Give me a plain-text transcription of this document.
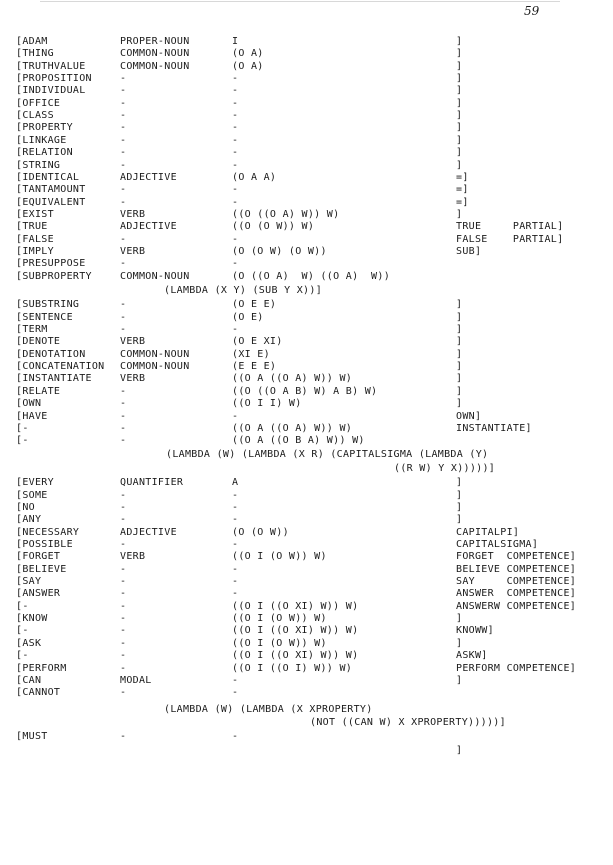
59
[ADAM	PROPER-NOUN	I	]
[THING	COMMON-NOUN	(O A)	]
[TRUTHVALUE	COMMON-NOUN	(O A)	]
[PROPOSITION	-	-	]
[INDIVIDUAL	-	-	]
[OFFICE	-	-	]
[CLASS	-	-	]
[PROPERTY	-	-	]
[LINKAGE	-	-	]
[RELATION	-	-	]
[STRING	-	-	]
[IDENTICAL	ADJECTIVE	(O A A)	=]
[TANTAMOUNT	-	-	=]
[EQUIVALENT	-	-	=]
[EXIST	VERB	((O ((O A) W)) W)	]
[TRUE	ADJECTIVE	((O (O W)) W)	TRUE     PARTIAL]
[FALSE	-	-	FALSE    PARTIAL]
[IMPLY	VERB	(O (O W) (O W))	SUB]
[PRESUPPOSE	-	-
[SUBPROPERTY	COMMON-NOUN	(O ((O A)  W) ((O A)  W))
(LAMBDA (X Y) (SUB Y X))]
[SUBSTRING	-	(O E E)	]
[SENTENCE	-	(O E)	]
[TERM	-	-	]
[DENOTE	VERB	(O E XI)	]
[DENOTATION	COMMON-NOUN	(XI E)	]
[CONCATENATION COMMON-NOUN	(E E E)	]
[INSTANTIATE	VERB	((O A ((O A) W)) W)	]
[RELATE	-	((O ((O A B) W) A B) W)	]
[OWN	-	((O I I) W)	]
[HAVE	-	-	OWN]
[-	-	((O A ((O A) W)) W)	INSTANTIATE]
[-	-	((O A ((O B A) W)) W)
(LAMBDA (W) (LAMBDA (X R) (CAPITALSIGMA (LAMBDA (Y)
((R W) Y X)))))]
[EVERY	QUANTIFIER	A	]
[SOME	-	-	]
[NO	-	-	]
[ANY	-	-	]
[NECESSARY	ADJECTIVE	(O (O W))	CAPITALPI]
[POSSIBLE	-	-	CAPITALSIGMA]
[FORGET	VERB	((O I (O W)) W)	FORGET  COMPETENCE]
[BELIEVE	-	-	BELIEVE COMPETENCE]
[SAY	-	-	SAY     COMPETENCE]
[ANSWER	-	-	ANSWER  COMPETENCE]
[-	-	((O I ((O XI) W)) W)	ANSWERW COMPETENCE]
[KNOW	-	((O I (O W)) W)	]
[-	-	((O I ((O XI) W)) W)	KNOWW]
[ASK	-	((O I (O W)) W)	]
[-	-	((O I ((O XI) W)) W)	ASKW]
[PERFORM	-	((O I ((O I) W)) W)	PERFORM COMPETENCE]
[CAN	MODAL	-	]
[CANNOT	-	-
(LAMBDA (W) (LAMBDA (X XPROPERTY)
(NOT ((CAN W) X XPROPERTY)))))]
[MUST	-	-
]
